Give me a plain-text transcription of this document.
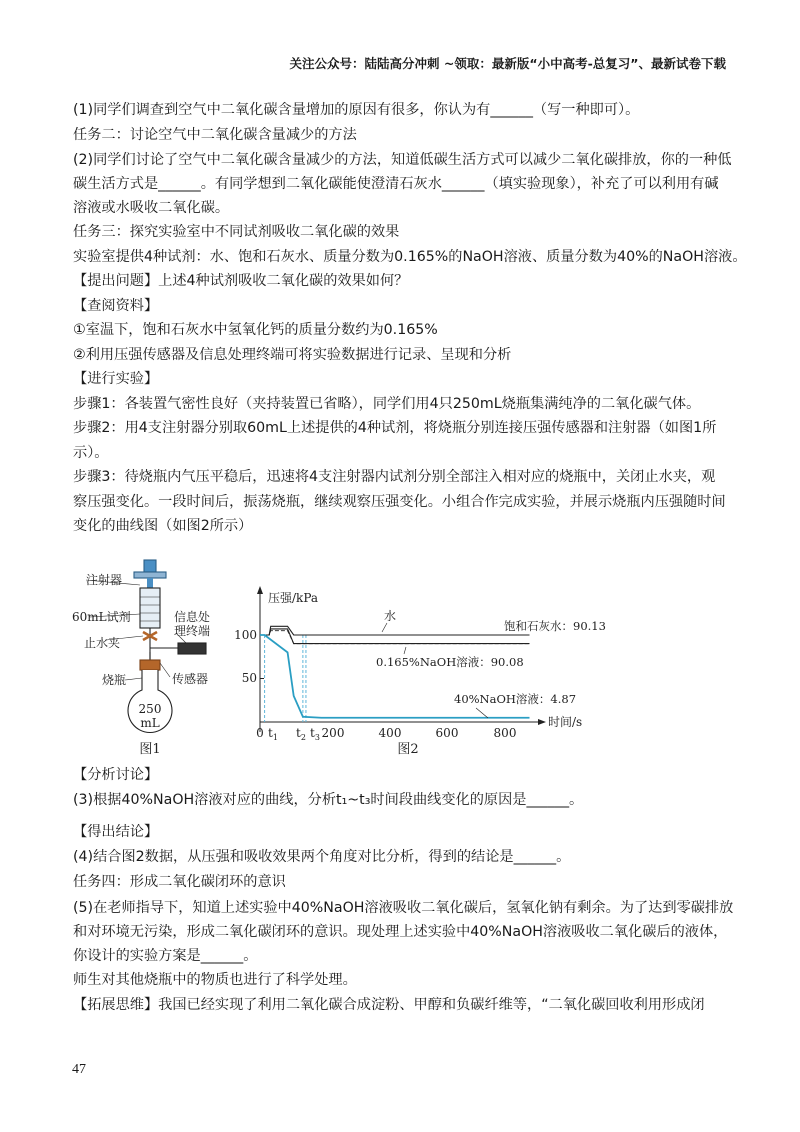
关注公众号：陆陆高分冲刺 ~领取：最新版“小中高考-总复习”、最新试卷下载
(1)同学们调查到空气中二氧化碳含量增加的原因有很多，你认为有______（写一种即可）。
任务二：讨论空气中二氧化碳含量减少的方法
(2)同学们讨论了空气中二氧化碳含量减少的方法，知道低碳生活方式可以减少二氧化碳排放，你的一种低
碳生活方式是______。有同学想到二氧化碳能使澄清石灰水______（填实验现象），补充了可以利用有碱
溶液或水吸收二氧化碳。
任务三：探究实验室中不同试剂吸收二氧化碳的效果
实验室提供4种试剂：水、饱和石灰水、质量分数为0.165%的NaOH溶液、质量分数为40%的NaOH溶液。
【提出问题】上述4种试剂吸收二氧化碳的效果如何？
【查阅资料】
①室温下，饱和石灰水中氢氧化钙的质量分数约为0.165%
②利用压强传感器及信息处理终端可将实验数据进行记录、呈现和分析
【进行实验】
步骤1：各装置气密性良好（夹持装置已省略），同学们用4只250mL烧瓶集满纯净的二氧化碳气体。
步骤2：用4支注射器分别取60mL上述提供的4种试剂，将烧瓶分别连接压强传感器和注射器（如图1所
示）。
步骤3：待烧瓶内气压平稳后，迅速将4支注射器内试剂分别全部注入相对应的烧瓶中，关闭止水夹，观
察压强变化。一段时间后，振荡烧瓶，继续观察压强变化。小组合作完成实验，并展示烧瓶内压强随时间
变化的曲线图（如图2所示）
注射器
60mL试剂	信息处
理终端
止水夹
烧瓶	传感器
250
mL
图1
压强/kPa
时间/s
100
50
0	200	400	600	800
$t_1$ $t_2$ $t_3$
水
饱和石灰水：90.13
0.165%NaOH溶液：90.08
40%NaOH溶液：4.87
图2
【分析讨论】
(3)根据40%NaOH溶液对应的曲线，分析t₁~t₃时间段曲线变化的原因是______。
【得出结论】
(4)结合图2数据，从压强和吸收效果两个角度对比分析，得到的结论是______。
任务四：形成二氧化碳闭环的意识
(5)在老师指导下，知道上述实验中40%NaOH溶液吸收二氧化碳后，氢氧化钠有剩余。为了达到零碳排放
和对环境无污染，形成二氧化碳闭环的意识。现处理上述实验中40%NaOH溶液吸收二氧化碳后的液体，
你设计的实验方案是______。
师生对其他烧瓶中的物质也进行了科学处理。
【拓展思维】我国已经实现了利用二氧化碳合成淀粉、甲醇和负碳纤维等，“二氧化碳回收利用形成闭
47
